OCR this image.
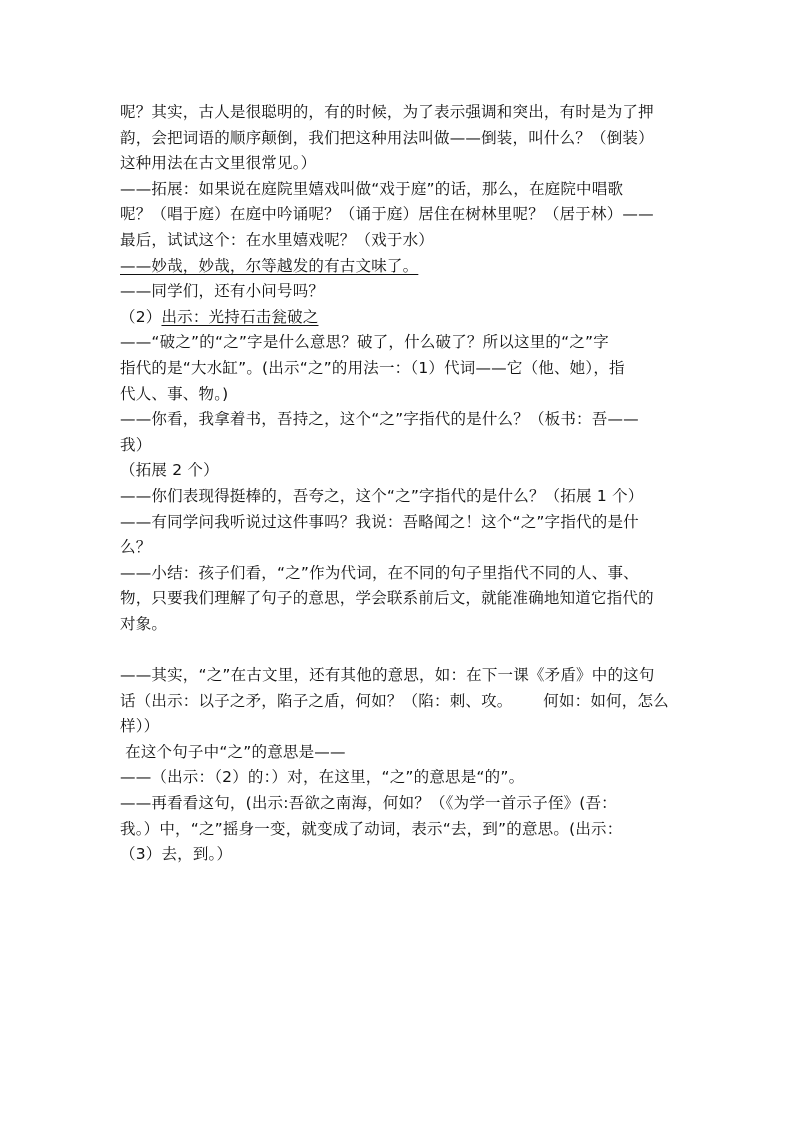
呢？其实，古人是很聪明的，有的时候，为了表示强调和突出，有时是为了押
韵，会把词语的顺序颠倒，我们把这种用法叫做——倒装，叫什么？（倒装）
这种用法在古文里很常见。）
——拓展：如果说在庭院里嬉戏叫做“戏于庭”的话，那么，在庭院中唱歌
呢？（唱于庭）在庭中吟诵呢？（诵于庭）居住在树林里呢？（居于林）——
最后，试试这个：在水里嬉戏呢？（戏于水）
——妙哉，妙哉，尔等越发的有古文味了。
——同学们，还有小问号吗？
（2）出示：光持石击瓮破之
——“破之”的“之”字是什么意思？破了，什么破了？所以这里的“之”字
指代的是“大水缸”。(出示“之”的用法一：（1）代词——它（他、她），指
代人、事、物。)
——你看，我拿着书，吾持之，这个“之”字指代的是什么？（板书：吾——
我）
（拓展 2 个）
——你们表现得挺棒的，吾夸之，这个“之”字指代的是什么？（拓展 1 个）
——有同学问我听说过这件事吗？我说：吾略闻之！这个“之”字指代的是什
么？
——小结：孩子们看，“之”作为代词，在不同的句子里指代不同的人、事、
物，只要我们理解了句子的意思，学会联系前后文，就能准确地知道它指代的
对象。
——其实，“之”在古文里，还有其他的意思，如：在下一课《矛盾》中的这句
话（出示：以子之矛，陷子之盾，何如？（陷：刺、攻。      何如：如何，怎么
样））
在这个句子中“之”的意思是——
——（出示：（2）的：）对，在这里，“之”的意思是“的”。
——再看看这句，(出示:吾欲之南海，何如？（《为学一首示子侄》(吾：
我。）中，“之”摇身一变，就变成了动词，表示“去，到”的意思。(出示：
（3）去，到。）
